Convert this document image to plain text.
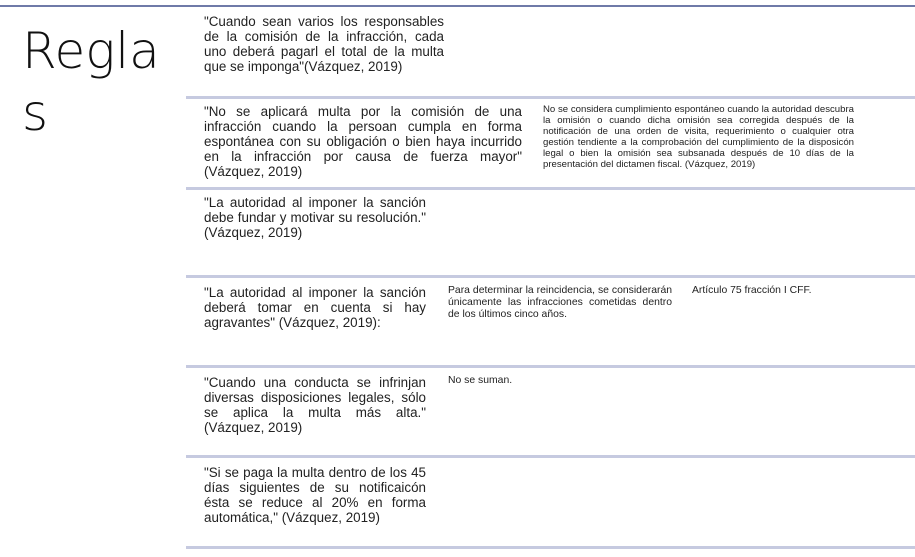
Reglas
"Cuando sean varios los responsables de la comisión de la infracción, cada uno deberá pagarl el total de la multa que se imponga"(Vázquez, 2019)
"No se aplicará multa por la comisión de una infracción cuando la persoan cumpla en forma espontánea con su obligación o bien haya incurrido en la infracción por causa de fuerza mayor" (Vázquez, 2019)
No se considera cumplimiento espontáneo cuando la autoridad descubra la omisión o cuando dicha omisión sea corregida después de la notificación de una orden de visita, requerimiento o cualquier otra gestión tendiente a la comprobación del cumplimiento de la disposicón legal o bien la omisión sea subsanada después de 10 días de la presentación del dictamen fiscal. (Vázquez, 2019)
"La autoridad al imponer la sanción debe fundar y motivar su resolución." (Vázquez, 2019)
"La autoridad al imponer la sanción deberá tomar en cuenta si hay agravantes" (Vázquez, 2019):
Para determinar la reincidencia, se considerarán únicamente las infracciones cometidas dentro de los últimos cinco años.
Artículo 75 fracción I CFF.
"Cuando una conducta se infrinjan diversas disposiciones legales, sólo se aplica la multa más alta." (Vázquez, 2019)
No se suman.
"Si se paga la multa dentro de los 45 días siguientes de su notificaicón ésta se reduce al 20% en forma automática," (Vázquez, 2019)
